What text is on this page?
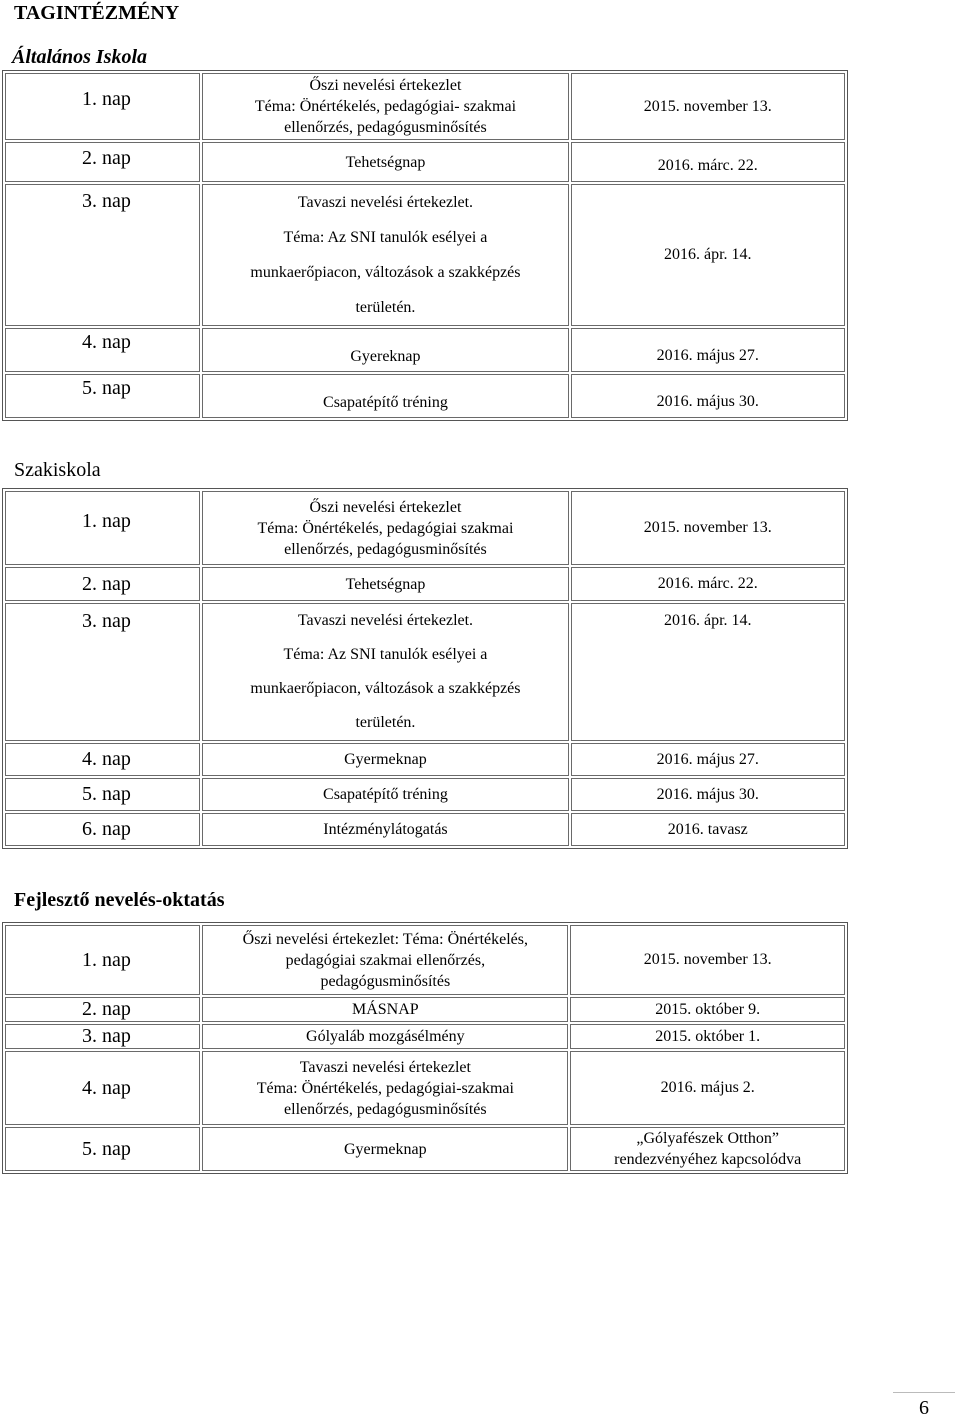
TAGINTÉZMÉNY
Általános Iskola
1. nap	Őszi nevelési értekezlet
Téma: Önértékelés, pedagógiai- szakmai
ellenőrzés, pedagógusminősítés	2015. november 13.
2. nap	Tehetségnap	2016. márc. 22.
3. nap	Tavaszi nevelési értekezlet.
Téma: Az SNI tanulók esélyei a
munkaerőpiacon, változások a szakképzés
területén.	2016. ápr. 14.
4. nap	Gyereknap	2016. május 27.
5. nap	Csapatépítő tréning	2016. május 30.
Szakiskola
1. nap	Őszi nevelési értekezlet
Téma: Önértékelés, pedagógiai szakmai
ellenőrzés, pedagógusminősítés	2015. november 13.
2. nap	Tehetségnap	2016. márc. 22.
3. nap	Tavaszi nevelési értekezlet.
Téma: Az SNI tanulók esélyei a
munkaerőpiacon, változások a szakképzés
területén.	2016. ápr. 14.
4. nap	Gyermeknap	2016. május 27.
5. nap	Csapatépítő tréning	2016. május 30.
6. nap	Intézménylátogatás	2016. tavasz
Fejlesztő nevelés-oktatás
1. nap	Őszi nevelési értekezlet: Téma: Önértékelés,
pedagógiai szakmai ellenőrzés,
pedagógusminősítés	2015. november 13.
2. nap	MÁSNAP	2015. október 9.
3. nap	Gólyaláb mozgásélmény	2015. október 1.
4. nap	Tavaszi nevelési értekezlet
Téma: Önértékelés, pedagógiai-szakmai
ellenőrzés, pedagógusminősítés	2016. május 2.
5. nap	Gyermeknap	„Gólyafészek Otthon”
rendezvényéhez kapcsolódva
6
